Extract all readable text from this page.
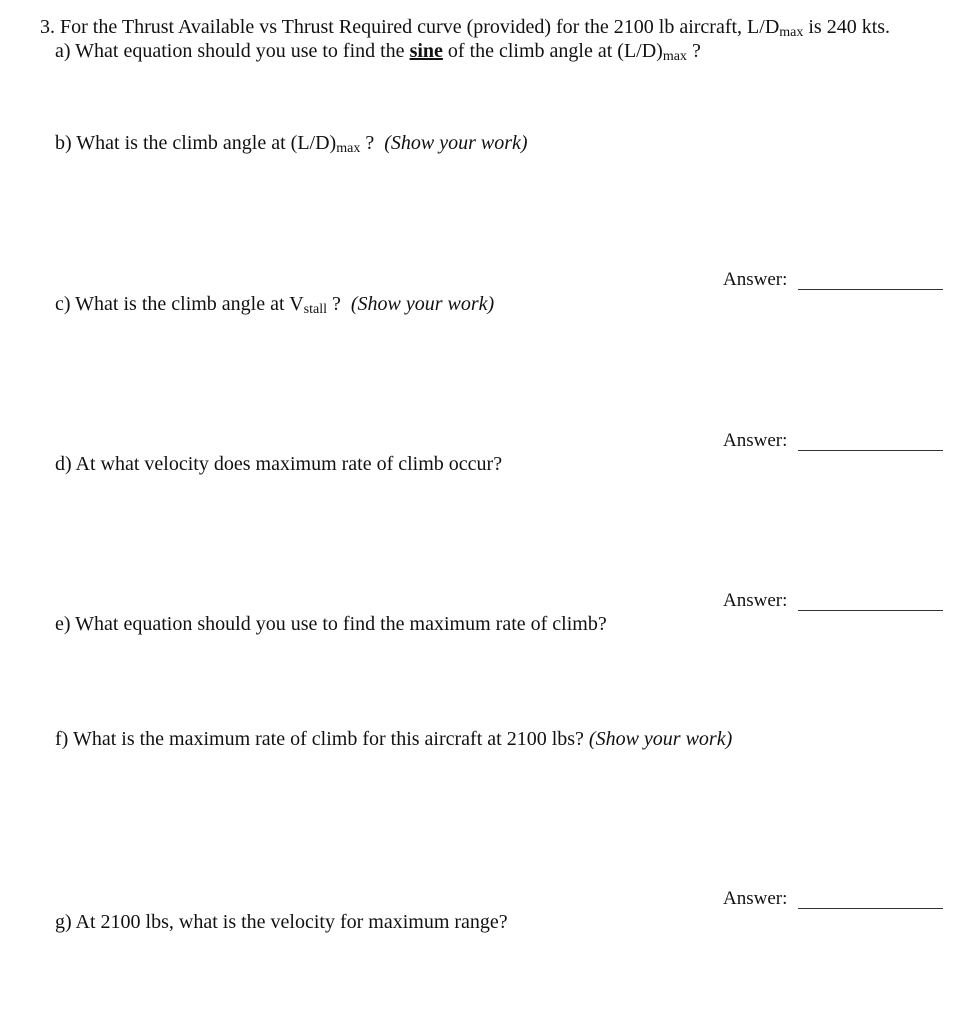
3. For the Thrust Available vs Thrust Required curve (provided) for the 2100 lb aircraft, L/Dmax is 240 kts.
a) What equation should you use to find the sine of the climb angle at (L/D)max ?
b) What is the climb angle at (L/D)max ?  (Show your work)
Answer:
c) What is the climb angle at Vstall ?  (Show your work)
Answer:
d) At what velocity does maximum rate of climb occur?
Answer:
e) What equation should you use to find the maximum rate of climb?
f) What is the maximum rate of climb for this aircraft at 2100 lbs? (Show your work)
Answer:
g) At 2100 lbs, what is the velocity for maximum range?
